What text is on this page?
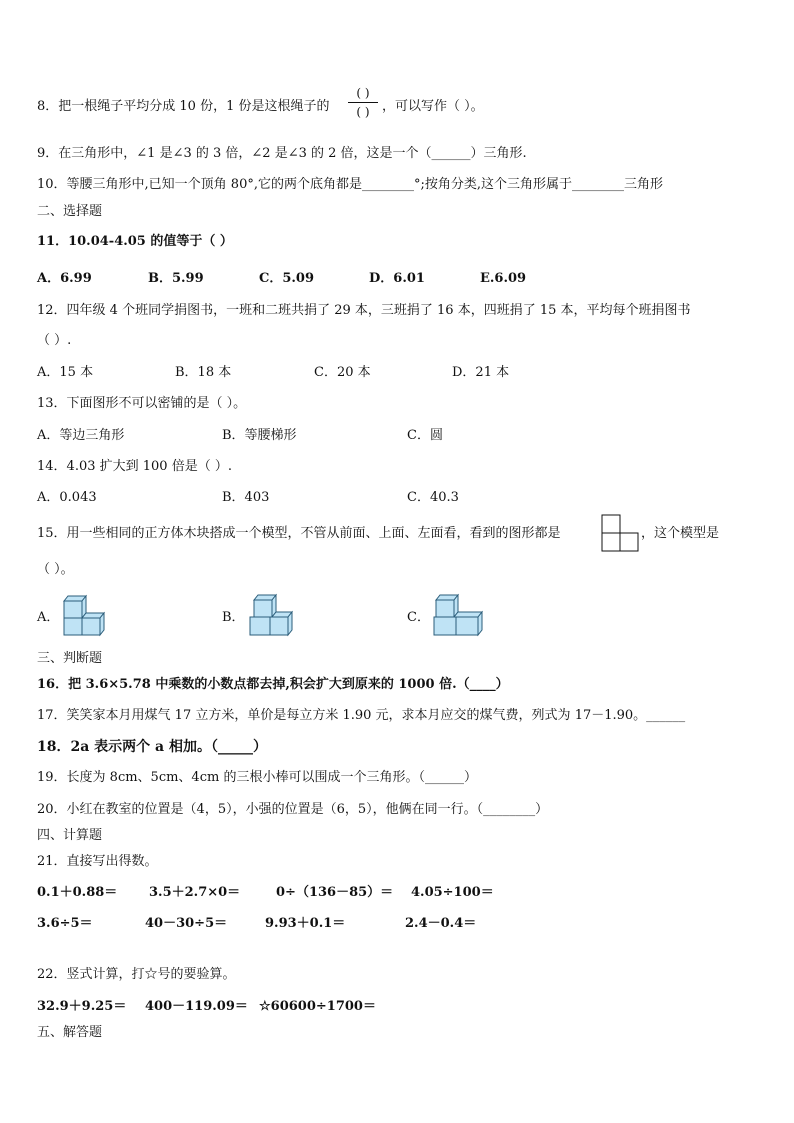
8．把一根绳子平均分成 10 份，1 份是这根绳子的
( )
( ) ，可以写作（ ）。
9．在三角形中，∠1 是∠3 的 3 倍，∠2 是∠3 的 2 倍，这是一个（______）三角形.
10．等腰三角形中,已知一个顶角 80°,它的两个底角都是________°;按角分类,这个三角形属于________三角形
二、选择题
11．10.04-4.05 的值等于（ ）
A．6.99	B．5.99	C．5.09	D．6.01	E.6.09
12．四年级 4 个班同学捐图书，一班和二班共捐了 29 本，三班捐了 16 本，四班捐了 15 本，平均每个班捐图书
（ ）.
A．15 本	B．18 本	C．20 本	D．21 本
13．下面图形不可以密铺的是（ ）。
A．等边三角形	B．等腰梯形	C．圆
14．4.03 扩大到 100 倍是（ ）.
A．0.043	B．403	C．40.3
15．用一些相同的正方体木块搭成一个模型，不管从前面、上面、左面看，看到的图形都是	，这个模型是
（ ）。
A．	B．	C．
三、判断题
16．把 3.6×5.78 中乘数的小数点都去掉,积会扩大到原来的 1000 倍.（____）
17．笑笑家本月用煤气 17 立方米，单价是每立方米 1.90 元，求本月应交的煤气费，列式为 17－1.90。______
18．2a 表示两个 a 相加。（_____）
19．长度为 8cm、5cm、4cm 的三根小棒可以围成一个三角形。（______）
20．小红在教室的位置是（4，5），小强的位置是（6，5），他俩在同一行。（________）
四、计算题
21．直接写出得数。
0.1＋0.88＝ 3.5＋2.7×0＝	0÷（136－85）＝ 4.05÷100＝
3.6÷5＝	40－30÷5＝	9.93＋0.1＝	2.4－0.4＝
22．竖式计算，打☆号的要验算。
32.9＋9.25＝ 400－119.09＝ ☆60600÷1700＝
五、解答题
